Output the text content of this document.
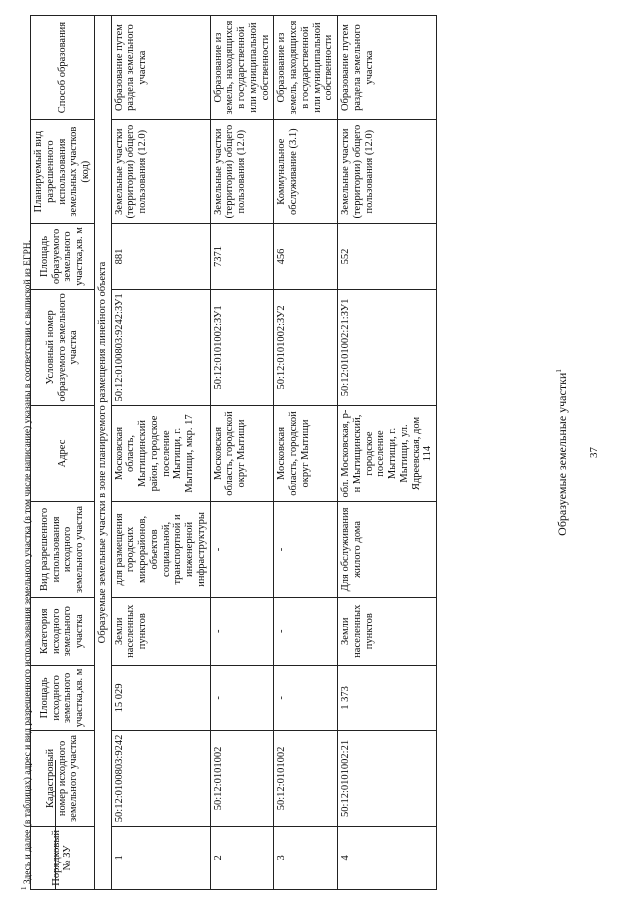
37
Образуемые земельные участки$^1$
Порядковый № ЗУ	Кадастровый номер исходного земельного участка	Площадь исходного земельного участка,кв. м	Категория исходного земельного участка	Вид разрешенного использования исходного земельного участка	Адрес	Условный номер образуемого земельного участка	Площадь образуемого земельного участка,кв. м	Планируемый вид разрешенного использования земельных участков (код)	Способ образования
Образуемые земельные участки в зоне планируемого размещения линейного объекта									
1	50:12:0100803:9242	15 029	Земли населенных пунктов	для размещения городских микрорайонов, объектов социальной, транспортной и инженерной инфраструктуры	Московская область, Мытищинский район, городское поселение Мытищи, г. Мытищи, мкр. 17	50:12:0100803:9242:ЗУ1	881	Земельные участки (территории) общего пользования (12.0)	Образование путем раздела земельного участка
2	50:12:0101002	-	-	-	Московская область, городской округ Мытищи	50:12:0101002:ЗУ1	7371	Земельные участки (территории) общего пользования (12.0)	Образование из земель, находящихся в государственной или муниципальной собственности
3	50:12:0101002	-	-	-	Московская область, городской округ Мытищи	50:12:0101002:ЗУ2	456	Коммунальное обслуживание (3.1)	Образование из земель, находящихся в государственной или муниципальной собственности
4	50:12:0101002:21	1 373	Земли населенных пунктов	Для обслуживания жилого дома	обл. Московская, р-н Мытищинский, городское поселение Мытищи, г. Мытищи, ул. Ядреевская, дом 114	50:12:0101002:21:ЗУ1	552	Земельные участки (территории) общего пользования (12.0)	Образование путем раздела земельного участка
$^1$ Здесь и далее (в таблицах) адрес и вид разрешенного использования земельного участка (в том числе написание) указаны в соответствии с выпиской из ЕГРН.
